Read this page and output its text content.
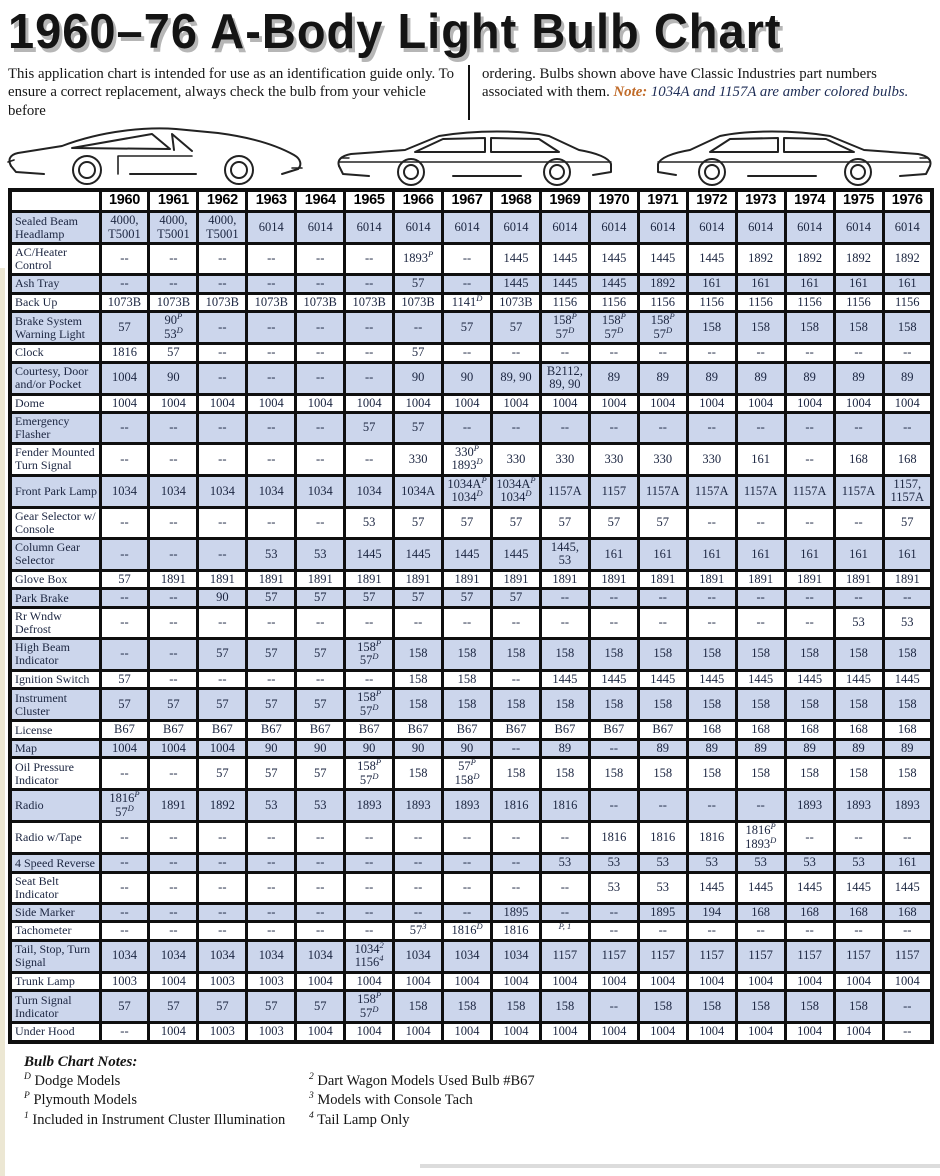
1960–76 A-Body Light Bulb Chart
This application chart is intended for use as an identification guide only. To ensure a correct replacement, always check the bulb from your vehicle before
ordering. Bulbs shown above have Classic Industries part numbers associated with them. Note: 1034A and 1157A are amber colored bulbs.
	1960	1961	1962	1963	1964	1965	1966	1967	1968	1969	1970	1971	1972	1973	1974	1975	1976
Sealed Beam Headlamp	4000,
T5001	4000,
T5001	4000,
T5001	6014	6014	6014	6014	6014	6014	6014	6014	6014	6014	6014	6014	6014	6014
AC/Heater Control	--	--	--	--	--	--	$1893^P$	--	1445	1445	1445	1445	1445	1892	1892	1892	1892
Ash Tray	--	--	--	--	--	--	57	--	1445	1445	1445	1892	161	161	161	161	161
Back Up	1073B	1073B	1073B	1073B	1073B	1073B	1073B	$1141^D$	1073B	1156	1156	1156	1156	1156	1156	1156	1156
Brake System Warning Light	57	$90^P$
$53^D$	--	--	--	--	--	57	57	$158^P$
$57^D$	$158^P$
$57^D$	$158^P$
$57^D$	158	158	158	158	158
Clock	1816	57	--	--	--	--	57	--	--	--	--	--	--	--	--	--	--
Courtesy, Door and/or Pocket	1004	90	--	--	--	--	90	90	89, 90	B2112,
89, 90	89	89	89	89	89	89	89
Dome	1004	1004	1004	1004	1004	1004	1004	1004	1004	1004	1004	1004	1004	1004	1004	1004	1004
Emergency Flasher	--	--	--	--	--	57	57	--	--	--	--	--	--	--	--	--	--
Fender Mounted Turn Signal	--	--	--	--	--	--	330	$330^P$
$1893^D$	330	330	330	330	330	161	--	168	168
Front Park Lamp	1034	1034	1034	1034	1034	1034	1034A	$1034A^P$
$1034^D$	$1034A^P$
$1034^D$	1157A	1157	1157A	1157A	1157A	1157A	1157A	1157,
1157A
Gear Selector w/ Console	--	--	--	--	--	53	57	57	57	57	57	57	--	--	--	--	57
Column Gear Selector	--	--	--	53	53	1445	1445	1445	1445	1445,
53	161	161	161	161	161	161	161
Glove Box	57	1891	1891	1891	1891	1891	1891	1891	1891	1891	1891	1891	1891	1891	1891	1891	1891
Park Brake	--	--	90	57	57	57	57	57	57	--	--	--	--	--	--	--	--
Rr Wndw Defrost	--	--	--	--	--	--	--	--	--	--	--	--	--	--	--	53	53
High Beam Indicator	--	--	57	57	57	$158^P$
$57^D$	158	158	158	158	158	158	158	158	158	158	158
Ignition Switch	57	--	--	--	--	--	158	158	--	1445	1445	1445	1445	1445	1445	1445	1445
Instrument Cluster	57	57	57	57	57	$158^P$
$57^D$	158	158	158	158	158	158	158	158	158	158	158
License	B67	B67	B67	B67	B67	B67	B67	B67	B67	B67	B67	B67	168	168	168	168	168
Map	1004	1004	1004	90	90	90	90	90	--	89	--	89	89	89	89	89	89
Oil Pressure Indicator	--	--	57	57	57	$158^P$
$57^D$	158	$57^P$
$158^D$	158	158	158	158	158	158	158	158	158
Radio	$1816^P$
$57^D$	1891	1892	53	53	1893	1893	1893	1816	1816	--	--	--	--	1893	1893	1893
Radio w/Tape	--	--	--	--	--	--	--	--	--	--	1816	1816	1816	$1816^P$
$1893^D$	--	--	--
4 Speed Reverse	--	--	--	--	--	--	--	--	--	53	53	53	53	53	53	53	161
Seat Belt Indicator	--	--	--	--	--	--	--	--	--	--	53	53	1445	1445	1445	1445	1445
Side Marker	--	--	--	--	--	--	--	--	1895	--	--	1895	194	168	168	168	168
Tachometer	--	--	--	--	--	--	$57^3$	$1816^D$	1816	$^{P, 1}$	--	--	--	--	--	--	--
Tail, Stop, Turn Signal	1034	1034	1034	1034	1034	1034$^2$
1156$^4$	1034	1034	1034	1157	1157	1157	1157	1157	1157	1157	1157
Trunk Lamp	1003	1004	1003	1003	1004	1004	1004	1004	1004	1004	1004	1004	1004	1004	1004	1004	1004
Turn Signal Indicator	57	57	57	57	57	$158^P$
$57^D$	158	158	158	158	--	158	158	158	158	158	--
Under Hood	--	1004	1003	1003	1004	1004	1004	1004	1004	1004	1004	1004	1004	1004	1004	1004	--
Bulb Chart Notes:
$^D$ Dodge Models
$^P$ Plymouth Models
$^1$ Included in Instrument Cluster Illumination
$^2$ Dart Wagon Models Used Bulb #B67
$^3$ Models with Console Tach
$^4$ Tail Lamp Only
